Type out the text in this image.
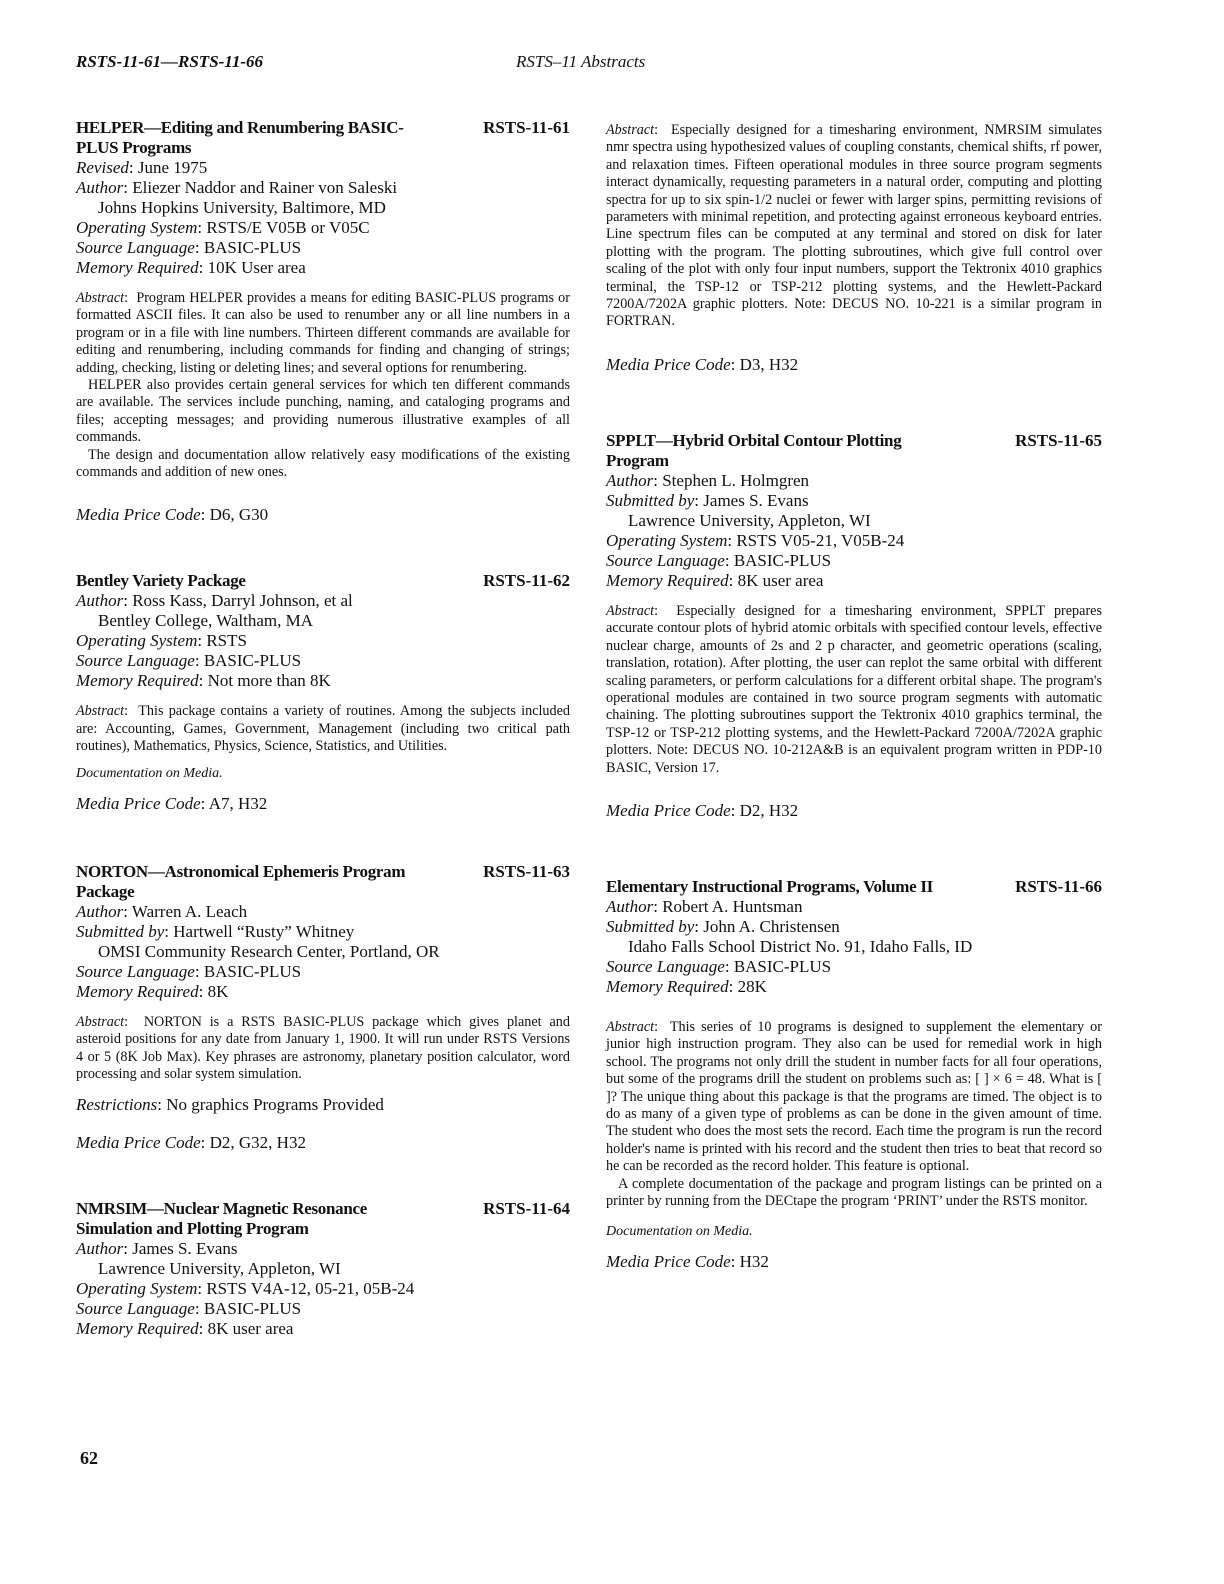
RSTS-11-61—RSTS-11-66	RSTS–11 Abstracts
HELPER—Editing and Renumbering BASIC-PLUS Programs
RSTS-11-61
Revised: June 1975
Author: Eliezer Naddor and Rainer von Saleski
Johns Hopkins University, Baltimore, MD
Operating System: RSTS/E V05B or V05C
Source Language: BASIC-PLUS
Memory Required: 10K User area

Abstract:  Program HELPER provides a means for editing BASIC-PLUS programs or formatted ASCII files. It can also be used to renumber any or all line numbers in a program or in a file with line numbers. Thirteen different commands are available for editing and renumbering, including commands for finding and changing of strings; adding, checking, listing or deleting lines; and several options for renumbering.

HELPER also provides certain general services for which ten different commands are available. The services include punching, naming, and cataloging programs and files; accepting messages; and providing numerous illustrative examples of all commands.

The design and documentation allow relatively easy modifications of the existing commands and addition of new ones.

Media Price Code: D6, G30
Bentley Variety Package	RSTS-11-62
Author: Ross Kass, Darryl Johnson, et al
Bentley College, Waltham, MA
Operating System: RSTS
Source Language: BASIC-PLUS
Memory Required: Not more than 8K

Abstract:  This package contains a variety of routines. Among the subjects included are: Accounting, Games, Government, Management (including two critical path routines), Mathematics, Physics, Science, Statistics, and Utilities.

Documentation on Media.
Media Price Code: A7, H32
NORTON—Astronomical Ephemeris Program Package
RSTS-11-63
Author: Warren A. Leach
Submitted by: Hartwell “Rusty” Whitney
OMSI Community Research Center, Portland, OR
Source Language: BASIC-PLUS
Memory Required: 8K

Abstract:  NORTON is a RSTS BASIC-PLUS package which gives planet and asteroid positions for any date from January 1, 1900. It will run under RSTS Versions 4 or 5 (8K Job Max). Key phrases are astronomy, planetary position calculator, word processing and solar system simulation.

Restrictions: No graphics Programs Provided
Media Price Code: D2, G32, H32
NMRSIM—Nuclear Magnetic Resonance Simulation and Plotting Program
RSTS-11-64
Author: James S. Evans
Lawrence University, Appleton, WI
Operating System: RSTS V4A-12, 05-21, 05B-24
Source Language: BASIC-PLUS
Memory Required: 8K user area

Abstract:  Especially designed for a timesharing environment, NMRSIM simulates nmr spectra using hypothesized values of coupling constants, chemical shifts, rf power, and relaxation times. Fifteen operational modules in three source program segments interact dynamically, requesting parameters in a natural order, computing and plotting spectra for up to six spin-1/2 nuclei or fewer with larger spins, permitting revisions of parameters with minimal repetition, and protecting against erroneous keyboard entries. Line spectrum files can be computed at any terminal and stored on disk for later plotting with the program. The plotting subroutines, which give full control over scaling of the plot with only four input numbers, support the Tektronix 4010 graphics terminal, the TSP-12 or TSP-212 plotting systems, and the Hewlett-Packard 7200A/7202A graphic plotters. Note: DECUS NO. 10-221 is a similar program in FORTRAN.

Media Price Code: D3, H32
SPPLT—Hybrid Orbital Contour Plotting Program
RSTS-11-65
Author: Stephen L. Holmgren
Submitted by: James S. Evans
Lawrence University, Appleton, WI
Operating System: RSTS V05-21, V05B-24
Source Language: BASIC-PLUS
Memory Required: 8K user area

Abstract:  Especially designed for a timesharing environment, SPPLT prepares accurate contour plots of hybrid atomic orbitals with specified contour levels, effective nuclear charge, amounts of 2s and 2 p character, and geometric operations (scaling, translation, rotation). After plotting, the user can replot the same orbital with different scaling parameters, or perform calculations for a different orbital shape. The program's operational modules are contained in two source program segments with automatic chaining. The plotting subroutines support the Tektronix 4010 graphics terminal, the TSP-12 or TSP-212 plotting systems, and the Hewlett-Packard 7200A/7202A graphic plotters. Note: DECUS NO. 10-212A&B is an equivalent program written in PDP-10 BASIC, Version 17.

Media Price Code: D2, H32
Elementary Instructional Programs, Volume II	RSTS-11-66
Author: Robert A. Huntsman
Submitted by: John A. Christensen
Idaho Falls School District No. 91, Idaho Falls, ID
Source Language: BASIC-PLUS
Memory Required: 28K

Abstract:  This series of 10 programs is designed to supplement the elementary or junior high instruction program. They also can be used for remedial work in high school. The programs not only drill the student in number facts for all four operations, but some of the programs drill the student on problems such as: [ ] × 6 = 48. What is [ ]? The unique thing about this package is that the programs are timed. The object is to do as many of a given type of problems as can be done in the given amount of time. The student who does the most sets the record. Each time the program is run the record holder's name is printed with his record and the student then tries to beat that record so he can be recorded as the record holder. This feature is optional.

A complete documentation of the package and program listings can be printed on a printer by running from the DECtape the program ‘PRINT’ under the RSTS monitor.

Documentation on Media.
Media Price Code: H32
62
